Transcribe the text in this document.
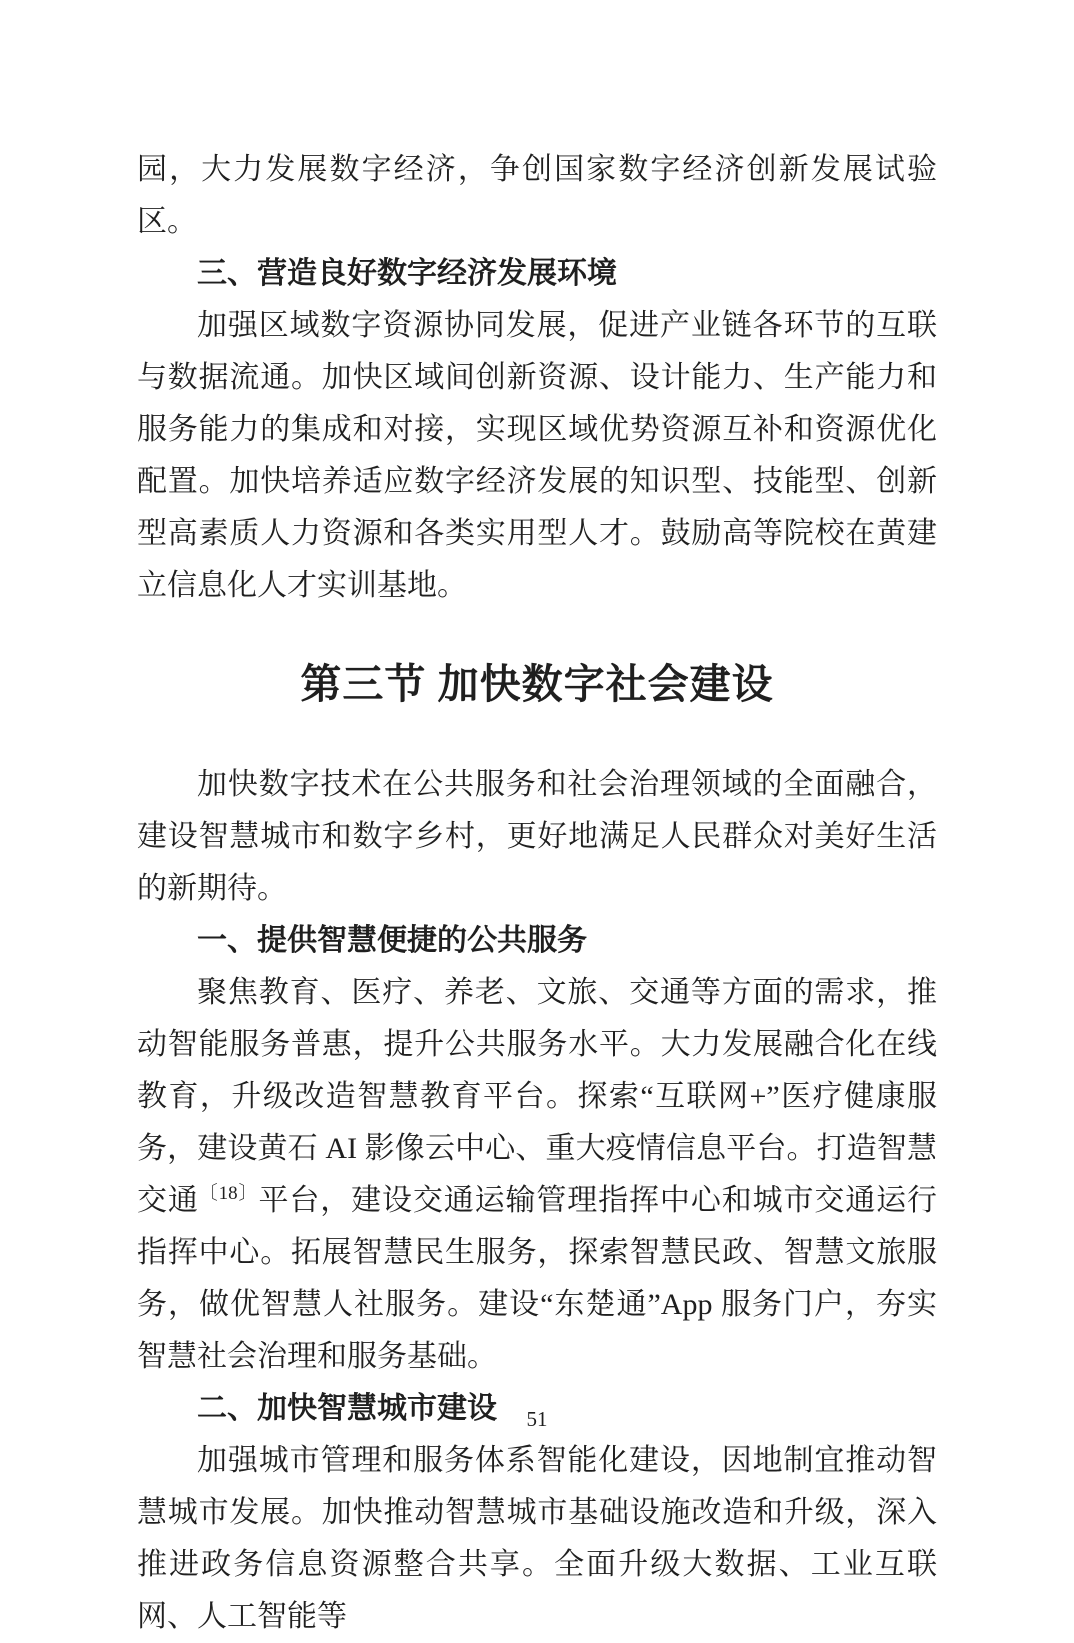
园，大力发展数字经济，争创国家数字经济创新发展试验区。

三、营造良好数字经济发展环境

加强区域数字资源协同发展，促进产业链各环节的互联与数据流通。加快区域间创新资源、设计能力、生产能力和服务能力的集成和对接，实现区域优势资源互补和资源优化配置。加快培养适应数字经济发展的知识型、技能型、创新型高素质人力资源和各类实用型人才。鼓励高等院校在黄建立信息化人才实训基地。

第三节 加快数字社会建设

加快数字技术在公共服务和社会治理领域的全面融合，建设智慧城市和数字乡村，更好地满足人民群众对美好生活的新期待。

一、提供智慧便捷的公共服务

聚焦教育、医疗、养老、文旅、交通等方面的需求，推动智能服务普惠，提升公共服务水平。大力发展融合化在线教育，升级改造智慧教育平台。探索“互联网+”医疗健康服务，建设黄石 AI 影像云中心、重大疫情信息平台。打造智慧交通$^{〔18〕}$平台，建设交通运输管理指挥中心和城市交通运行指挥中心。拓展智慧民生服务，探索智慧民政、智慧文旅服务，做优智慧人社服务。建设“东楚通”App 服务门户，夯实智慧社会治理和服务基础。

二、加快智慧城市建设

加强城市管理和服务体系智能化建设，因地制宜推动智慧城市发展。加快推动智慧城市基础设施改造和升级，深入推进政务信息资源整合共享。全面升级大数据、工业互联网、人工智能等

51
